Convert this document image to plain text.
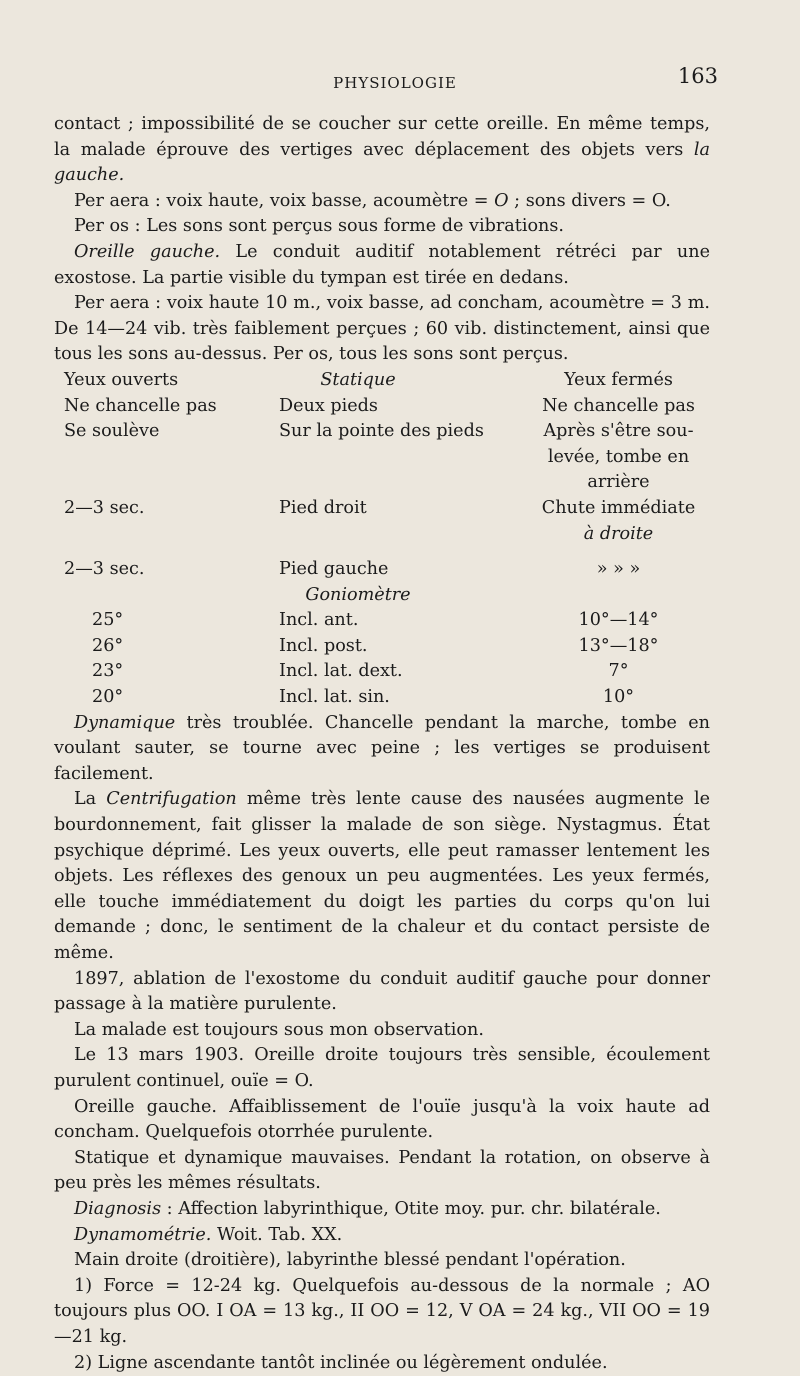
PHYSIOLOGIE	163

contact ; impossibilité de se coucher sur cette oreille. En même temps, la malade éprouve des vertiges avec déplacement des objets vers la gauche.

Per aera : voix haute, voix basse, acoumètre = O ; sons divers = O.

Per os : Les sons sont perçus sous forme de vibrations.

Oreille gauche. Le conduit auditif notablement rétréci par une exostose. La partie visible du tympan est tirée en dedans.

Per aera : voix haute 10 m., voix basse, ad concham, acoumètre = 3 m. De 14—24 vib. très faiblement perçues ; 60 vib. distinctement, ainsi que tous les sons au-dessus. Per os, tous les sons sont perçus.

Yeux ouverts	Statique	Yeux fermés
Ne chancelle pas	Deux pieds	Ne chancelle pas
Se soulève	Sur la pointe des pieds	Après s'être sou-

levée, tombe en

arrière
2—3 sec.	Pied droit	Chute immédiate

à droite
2—3 sec.	Pied gauche	» » »

Goniomètre

25°	Incl. ant.	10°—14°
26°	Incl. post.	13°—18°
23°	Incl. lat. dext.	7°
20°	Incl. lat. sin.	10°

Dynamique très troublée. Chancelle pendant la marche, tombe en voulant sauter, se tourne avec peine ; les vertiges se produisent facilement.

La Centrifugation même très lente cause des nausées augmente le bourdonnement, fait glisser la malade de son siège. Nystagmus. État psychique déprimé. Les yeux ouverts, elle peut ramasser lentement les objets. Les réflexes des genoux un peu augmentées. Les yeux fermés, elle touche immédiatement du doigt les parties du corps qu'on lui demande ; donc, le sentiment de la chaleur et du contact persiste de même.

1897, ablation de l'exostome du conduit auditif gauche pour donner passage à la matière purulente.

La malade est toujours sous mon observation.

Le 13 mars 1903. Oreille droite toujours très sensible, écoulement purulent continuel, ouïe = O.

Oreille gauche. Affaiblissement de l'ouïe jusqu'à la voix haute ad concham. Quelquefois otorrhée purulente.

Statique et dynamique mauvaises. Pendant la rotation, on observe à peu près les mêmes résultats.

Diagnosis : Affection labyrinthique, Otite moy. pur. chr. bilatérale.

Dynamométrie. Woit. Tab. XX.

Main droite (droitière), labyrinthe blessé pendant l'opération.

1) Force = 12-24 kg. Quelquefois au-dessous de la normale ; AO toujours plus OO. I OA = 13 kg., II OO = 12, V OA = 24 kg., VII OO = 19—21 kg.

2) Ligne ascendante tantôt inclinée ou légèrement ondulée.
